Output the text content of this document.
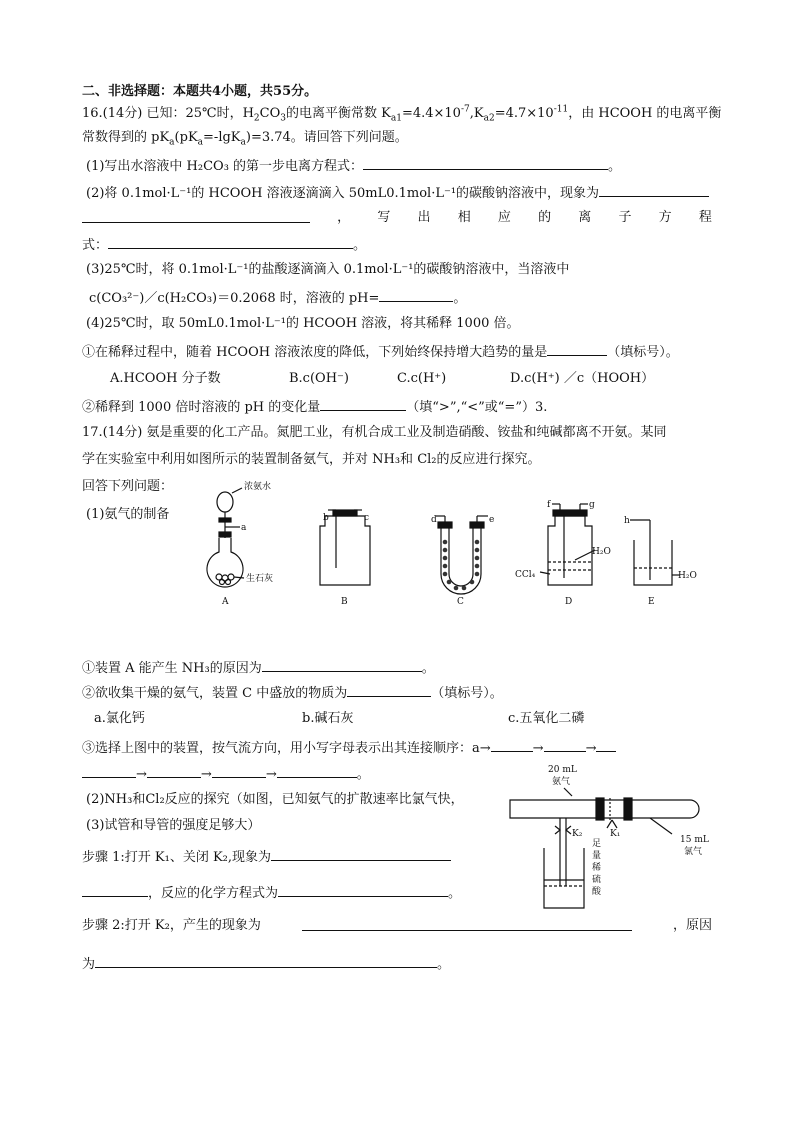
二、非选择题：本题共4小题，共55分。
16.(14分) 已知：25℃时，$H_2CO_3$的电离平衡常数 $K_{a1}=4.4\times 10^{-7},K_{a2}=4.7\times 10^{-11}$，由 HCOOH 的电离平衡
常数得到的 $pK_a(pK_a=-\lg K_a)=3.74$。请回答下列问题。
(1)写出水溶液中 H₂CO₃ 的第一步电离方程式：	。
(2)将 0.1mol·L⁻¹的 HCOOH 溶液逐滴滴入 50mL0.1mol·L⁻¹的碳酸钠溶液中，现象为
， 写 出 相 应 的 离 子 方 程
式：	。
(3)25℃时，将 0.1mol·L⁻¹的盐酸逐滴滴入 0.1mol·L⁻¹的碳酸钠溶液中，当溶液中
c(CO₃²⁻)／c(H₂CO₃)＝0.2068 时，溶液的 pH=	。
(4)25℃时，取 50mL0.1mol·L⁻¹的 HCOOH 溶液，将其稀释 1000 倍。
①在稀释过程中，随着 HCOOH 溶液浓度的降低，下列始终保持增大趋势的量是	（填标号）。
A.HCOOH 分子数	B.c(OH⁻)	C.c(H⁺)	D.c(H⁺) ／c（HOOH）
②稀释到 1000 倍时溶液的 pH 的变化量	（填“>”,“<”或“=”）3.
17.(14分) 氨是重要的化工产品。氮肥工业，有机合成工业及制造硝酸、铵盐和纯碱都离不开氨。某同
学在实验室中利用如图所示的装置制备氨气，并对 NH₃和 Cl₂的反应进行探究。
回答下列问题：
(1)氨气的制备
浓氨水
生石灰
a
b	c	d	e
f	g
h
H₂O
CCl₄	H₂O
A	B	C	D	E
①装置 A 能产生 NH₃的原因为	。
②欲收集干燥的氨气，装置 C 中盛放的物质为	（填标号）。
a.氯化钙	b.碱石灰	c.五氧化二磷
③选择上图中的装置，按气流方向，用小写字母表示出其连接顺序：a→	→	→
→	→	→	。
(2)NH₃和Cl₂反应的探究（如图，已知氨气的扩散速率比氯气快，
(3)试管和导管的强度足够大）
步骤 1:打开 K₁、关闭 K₂,现象为
，反应的化学方程式为	。
步骤 2:打开 K₂，产生的现象为	，原因
为	。
20 mL
氨气
K₁
K₂
15 mL
氯气
足
量
稀
硫
酸
